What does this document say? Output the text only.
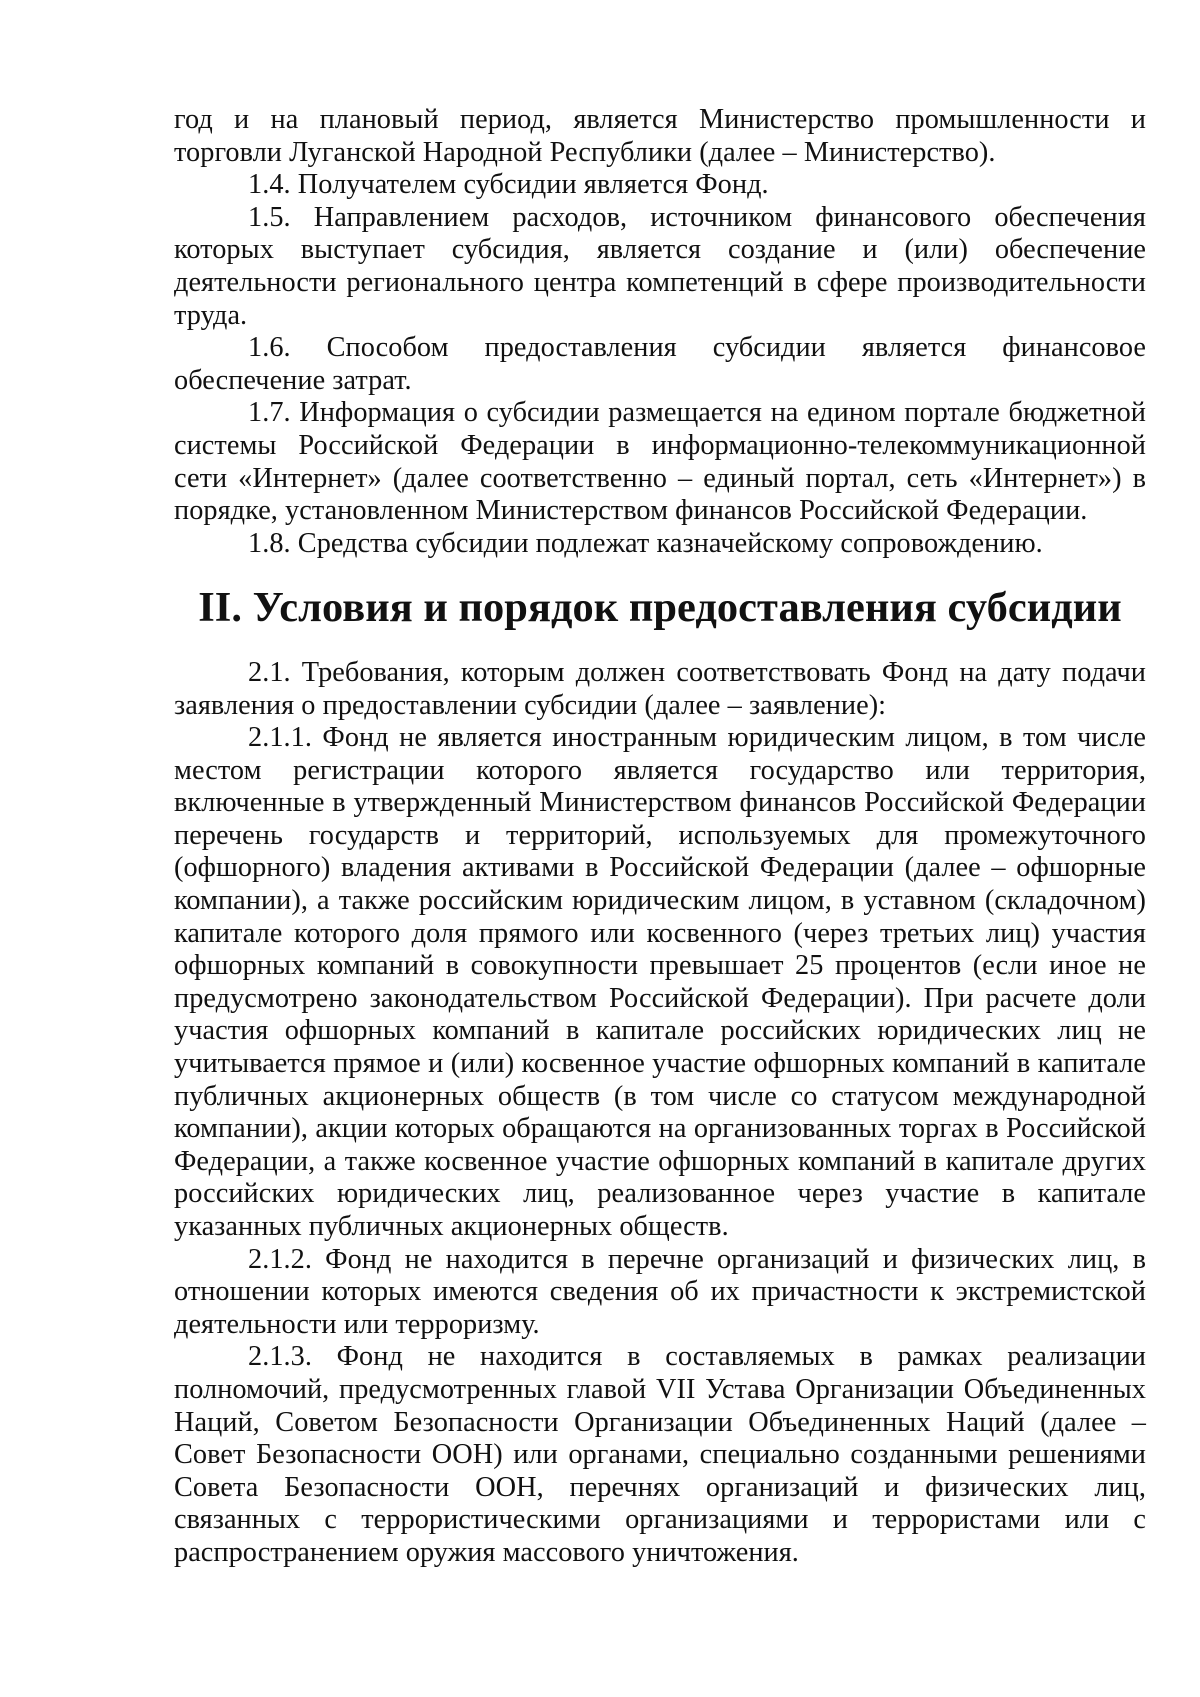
год и на плановый период, является Министерство промышленности и торговли Луганской Народной Республики (далее – Министерство).

1.4. Получателем субсидии является Фонд.

1.5. Направлением расходов, источником финансового обеспечения которых выступает субсидия, является создание и (или) обеспечение деятельности регионального центра компетенций в сфере производительности труда.

1.6. Способом предоставления субсидии является финансовое обеспечение затрат.

1.7. Информация о субсидии размещается на едином портале бюджетной системы Российской Федерации в информационно-телекоммуникационной сети «Интернет» (далее соответственно – единый портал, сеть «Интернет») в порядке, установленном Министерством финансов Российской Федерации.

1.8. Средства субсидии подлежат казначейскому сопровождению.

II. Условия и порядок предоставления субсидии

2.1. Требования, которым должен соответствовать Фонд на дату подачи заявления о предоставлении субсидии (далее – заявление):

2.1.1. Фонд не является иностранным юридическим лицом, в том числе местом регистрации которого является государство или территория, включенные в утвержденный Министерством финансов Российской Федерации перечень государств и территорий, используемых для промежуточного (офшорного) владения активами в Российской Федерации (далее – офшорные компании), а также российским юридическим лицом, в уставном (складочном) капитале которого доля прямого или косвенного (через третьих лиц) участия офшорных компаний в совокупности превышает 25 процентов (если иное не предусмотрено законодательством Российской Федерации). При расчете доли участия офшорных компаний в капитале российских юридических лиц не учитывается прямое и (или) косвенное участие офшорных компаний в капитале публичных акционерных обществ (в том числе со статусом международной компании), акции которых обращаются на организованных торгах в Российской Федерации, а также косвенное участие офшорных компаний в капитале других российских юридических лиц, реализованное через участие в капитале указанных публичных акционерных обществ.

2.1.2. Фонд не находится в перечне организаций и физических лиц, в отношении которых имеются сведения об их причастности к экстремистской деятельности или терроризму.

2.1.3. Фонд не находится в составляемых в рамках реализации полномочий, предусмотренных главой VII Устава Организации Объединенных Наций, Советом Безопасности Организации Объединенных Наций (далее – Совет Безопасности ООН) или органами, специально созданными решениями Совета Безопасности ООН, перечнях организаций и физических лиц, связанных с террористическими организациями и террористами или с распространением оружия массового уничтожения.
